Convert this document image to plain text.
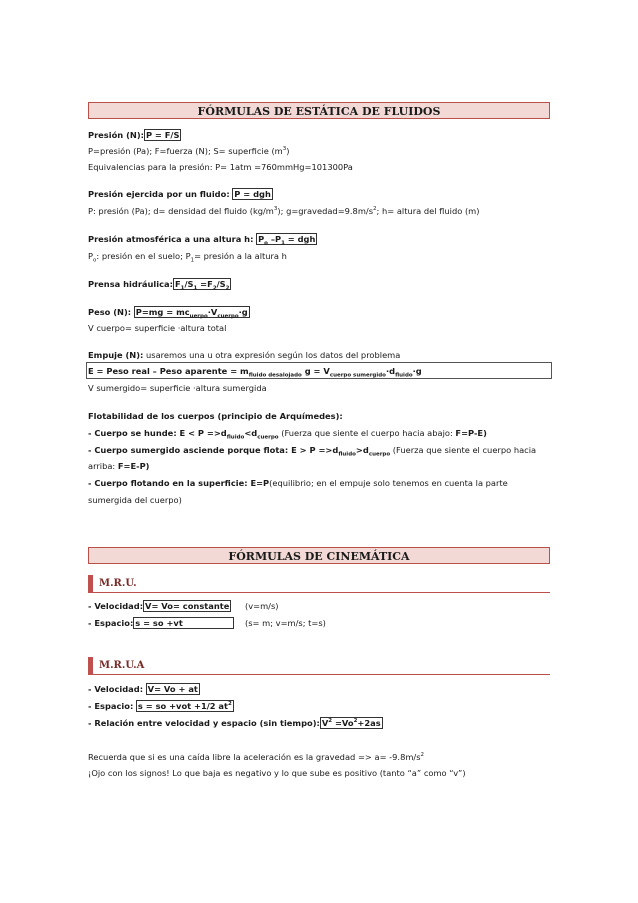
FÓRMULAS DE ESTÁTICA DE FLUIDOS
Presión (N): P = F/S
P=presión (Pa); F=fuerza (N); S= superficie $(m^3)$
Equivalencias para la presión: P= 1atm =760mmHg=101300Pa
Presión ejercida por un fluido: P = dgh
P: presión (Pa); d= densidad del fluido $(kg/m^3)$; $g=gravedad=9.8m/s^2$; h= altura del fluido (m)
Presión atmosférica a una altura h: $P_o$ $-P_1$ = dgh
$P_o$: presión en el suelo; $P_1=$ presión a la altura h
Prensa hidráulica: $F_1/S_1 =F_2/S_2$
Peso (N): $P=mg = mc_{uerpo}\cdot V_{cuerpo}\cdot g$
V cuerpo= superficie ·altura total
Empuje (N): usaremos una u otra expresión según los datos del problema
E = Peso real – Peso aparente = $m_{fluido desalojado}$ $g = V_{cuerpo sumergido}\cdot d_{fluido}\cdot g$
V sumergido= superficie ·altura sumergida
Flotabilidad de los cuerpos (principio de Arquímedes):
- Cuerpo se hunde: $E < P =>d_{fluido}<d_{cuerpo}$ (Fuerza que siente el cuerpo hacia abajo: F=P-E)
- Cuerpo sumergido asciende porque flota: $E > P =>d_{fluido}>d_{cuerpo}$ (Fuerza que siente el cuerpo hacia
arriba: F=E-P)
- Cuerpo flotando en la superficie: E=P(equilibrio; en el empuje solo tenemos en cuenta la parte
sumergida del cuerpo)
FÓRMULAS DE CINEMÁTICA
M.R.U.
- Velocidad: V= Vo= constante (v=m/s)
- Espacio: s = so +vt	(s= m; v=m/s; t=s)
M.R.U.A
- Velocidad: V= Vo + at
- Espacio: s = so +vot +1/2 $at^2$
- Relación entre velocidad y espacio (sin tiempo): $V^2 =Vo^2+2as$
Recuerda que si es una caída libre la aceleración es la gravedad => $a= -9.8m/s^2$
¡Ojo con los signos! Lo que baja es negativo y lo que sube es positivo (tanto “a” como “v”)
